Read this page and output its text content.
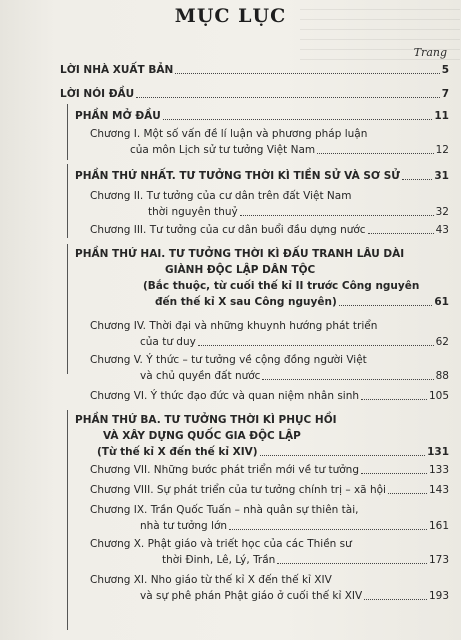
MỤC LỤC
Trang
LỜI NHÀ XUẤT BẢN	5
LỜI NÓI ĐẦU	7
PHẦN MỞ ĐẦU	11
Chương I. Một số vấn đề lí luận và phương pháp luận
của môn Lịch sử tư tưởng Việt Nam	12
PHẦN THỨ NHẤT. TƯ TƯỞNG THỜI KÌ TIỀN SỬ VÀ SƠ SỬ	31
Chương II. Tư tưởng của cư dân trên đất Việt Nam
thời nguyên thuỷ	32
Chương III. Tư tưởng của cư dân buổi đầu dựng nước	43
PHẦN THỨ HAI. TƯ TƯỞNG THỜI KÌ ĐẤU TRANH LÂU DÀI
GIÀNH ĐỘC LẬP DÂN TỘC
(Bắc thuộc, từ cuối thế kỉ II trước Công nguyên
đến thế kỉ X sau Công nguyên)	61
Chương IV. Thời đại và những khuynh hướng phát triển
của tư duy	62
Chương V. Ý thức – tư tưởng về cộng đồng người Việt
và chủ quyền đất nước	88
Chương VI. Ý thức đạo đức và quan niệm nhân sinh	105
PHẦN THỨ BA. TƯ TƯỞNG THỜI KÌ PHỤC HỒI
VÀ XÂY DỰNG QUỐC GIA ĐỘC LẬP
(Từ thế kỉ X đến thế kỉ XIV)	131
Chương VII. Những bước phát triển mới về tư tưởng	133
Chương VIII. Sự phát triển của tư tưởng chính trị – xã hội	143
Chương IX. Trần Quốc Tuấn – nhà quân sự thiên tài,
nhà tư tưởng lớn	161
Chương X. Phật giáo và triết học của các Thiền sư
thời Đinh, Lê, Lý, Trần	173
Chương XI. Nho giáo từ thế kỉ X đến thế kỉ XIV
và sự phê phán Phật giáo ở cuối thế kỉ XIV	193
